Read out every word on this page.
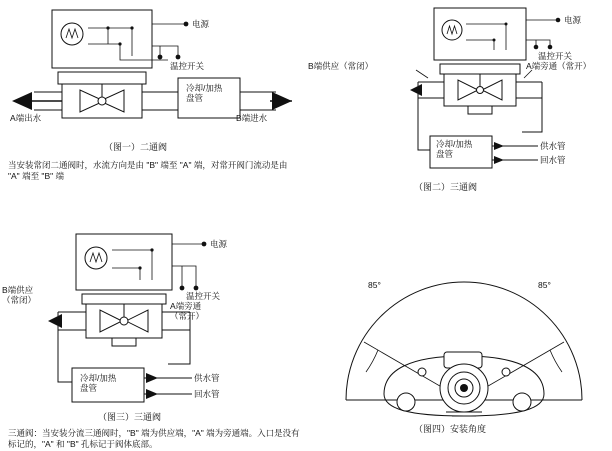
电源
温控开关
A端出水	B端进水
冷却/加热
盘管
（图一）二通阀
当安装常闭二通阀时，水流方向是由 "B" 端至 "A" 端，对常开阀门流动是由 "A" 端至 "B" 端
电源
温控开关
B端供应（常闭）	A端旁通（常开）
供水管
回水管
冷却/加热
盘管
（图二）三通阀
电源
温控开关
B端供应
（常闭）
A端旁通
（常开）
供水管
回水管
冷却/加热
盘管
（图三）三通阀
三通阀：当安装分流三通阀时，"B" 端为供应端，"A" 端为旁通端。入口是没有标记的，"A" 和 "B" 孔标记于阀体底部。
85°	85°
（图四）安装角度
